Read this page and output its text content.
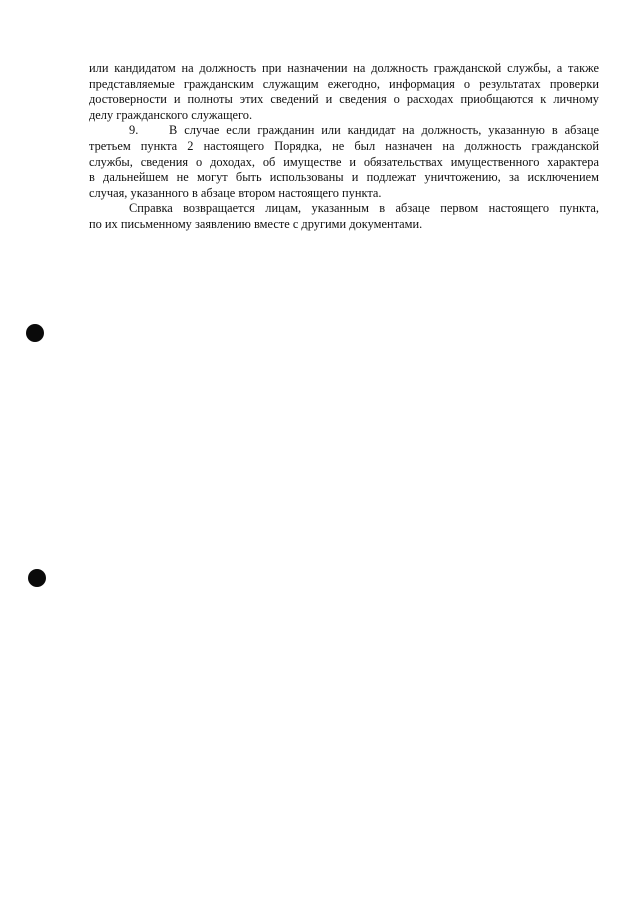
или кандидатом на должность при назначении на должность гражданской службы, а также
представляемые гражданским служащим ежегодно, информация о результатах проверки
достоверности и полноты этих сведений и сведения о расходах приобщаются к личному
делу гражданского служащего.
9.	В случае если гражданин или кандидат на должность, указанную в абзаце
третьем пункта 2 настоящего Порядка, не был назначен на должность гражданской
службы, сведения о доходах, об имуществе и обязательствах имущественного характера
в дальнейшем не могут быть использованы и подлежат уничтожению, за исключением
случая, указанного в абзаце втором настоящего пункта.
Справка возвращается лицам, указанным в абзаце первом настоящего пункта,
по их письменному заявлению вместе с другими документами.
